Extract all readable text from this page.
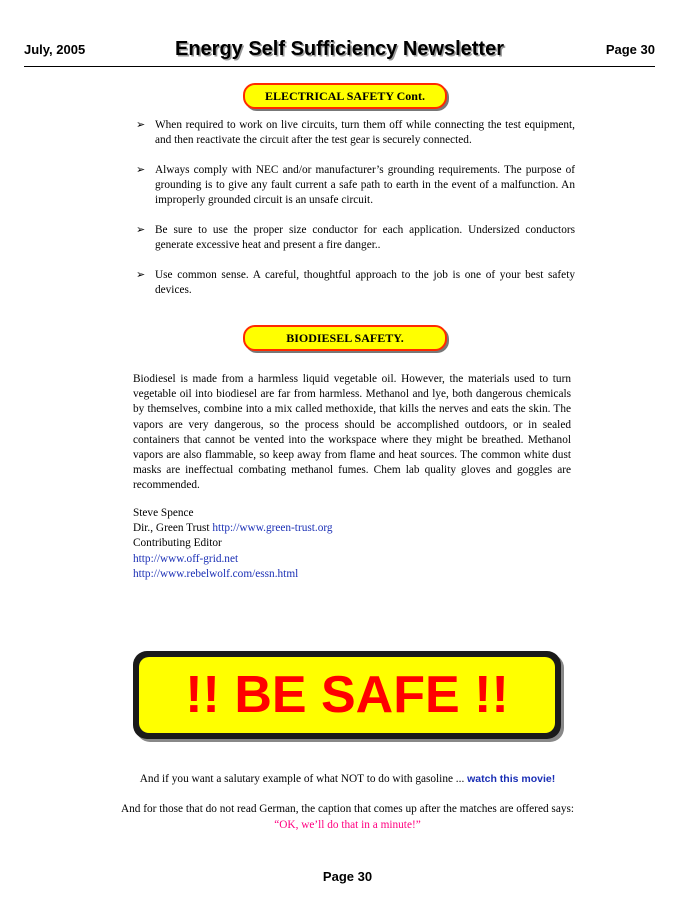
July, 2005	Energy Self Sufficiency Newsletter	Page 30
ELECTRICAL SAFETY Cont.
➢ When required to work on live circuits, turn them off while connecting the test equipment, and then reactivate the circuit after the test gear is securely connected.
➢ Always comply with NEC and/or manufacturer’s grounding requirements. The purpose of grounding is to give any fault current a safe path to earth in the event of a malfunction. An improperly grounded circuit is an unsafe circuit.
➢ Be sure to use the proper size conductor for each application. Undersized conductors generate excessive heat and present a fire danger..
➢ Use common sense. A careful, thoughtful approach to the job is one of your best safety devices.
BIODIESEL SAFETY.

Biodiesel is made from a harmless liquid vegetable oil. However, the materials used to turn vegetable oil into biodiesel are far from harmless. Methanol and lye, both dangerous chemicals by themselves, combine into a mix called methoxide, that kills the nerves and eats the skin. The vapors are very dangerous, so the process should be accomplished outdoors, or in sealed containers that cannot be vented into the workspace where they might be breathed. Methanol vapors are also flammable, so keep away from flame and heat sources. The common white dust masks are ineffectual combating methanol fumes. Chem lab quality gloves and goggles are recommended.

Steve Spence
Dir., Green Trust http://www.green-trust.org
Contributing Editor
http://www.off-grid.net
http://www.rebelwolf.com/essn.html
!! BE SAFE !!
And if you want a salutary example of what NOT to do with gasoline ... watch this movie!
And for those that do not read German, the caption that comes up after the matches are offered says:
“OK, we’ll do that in a minute!”
Page 30
